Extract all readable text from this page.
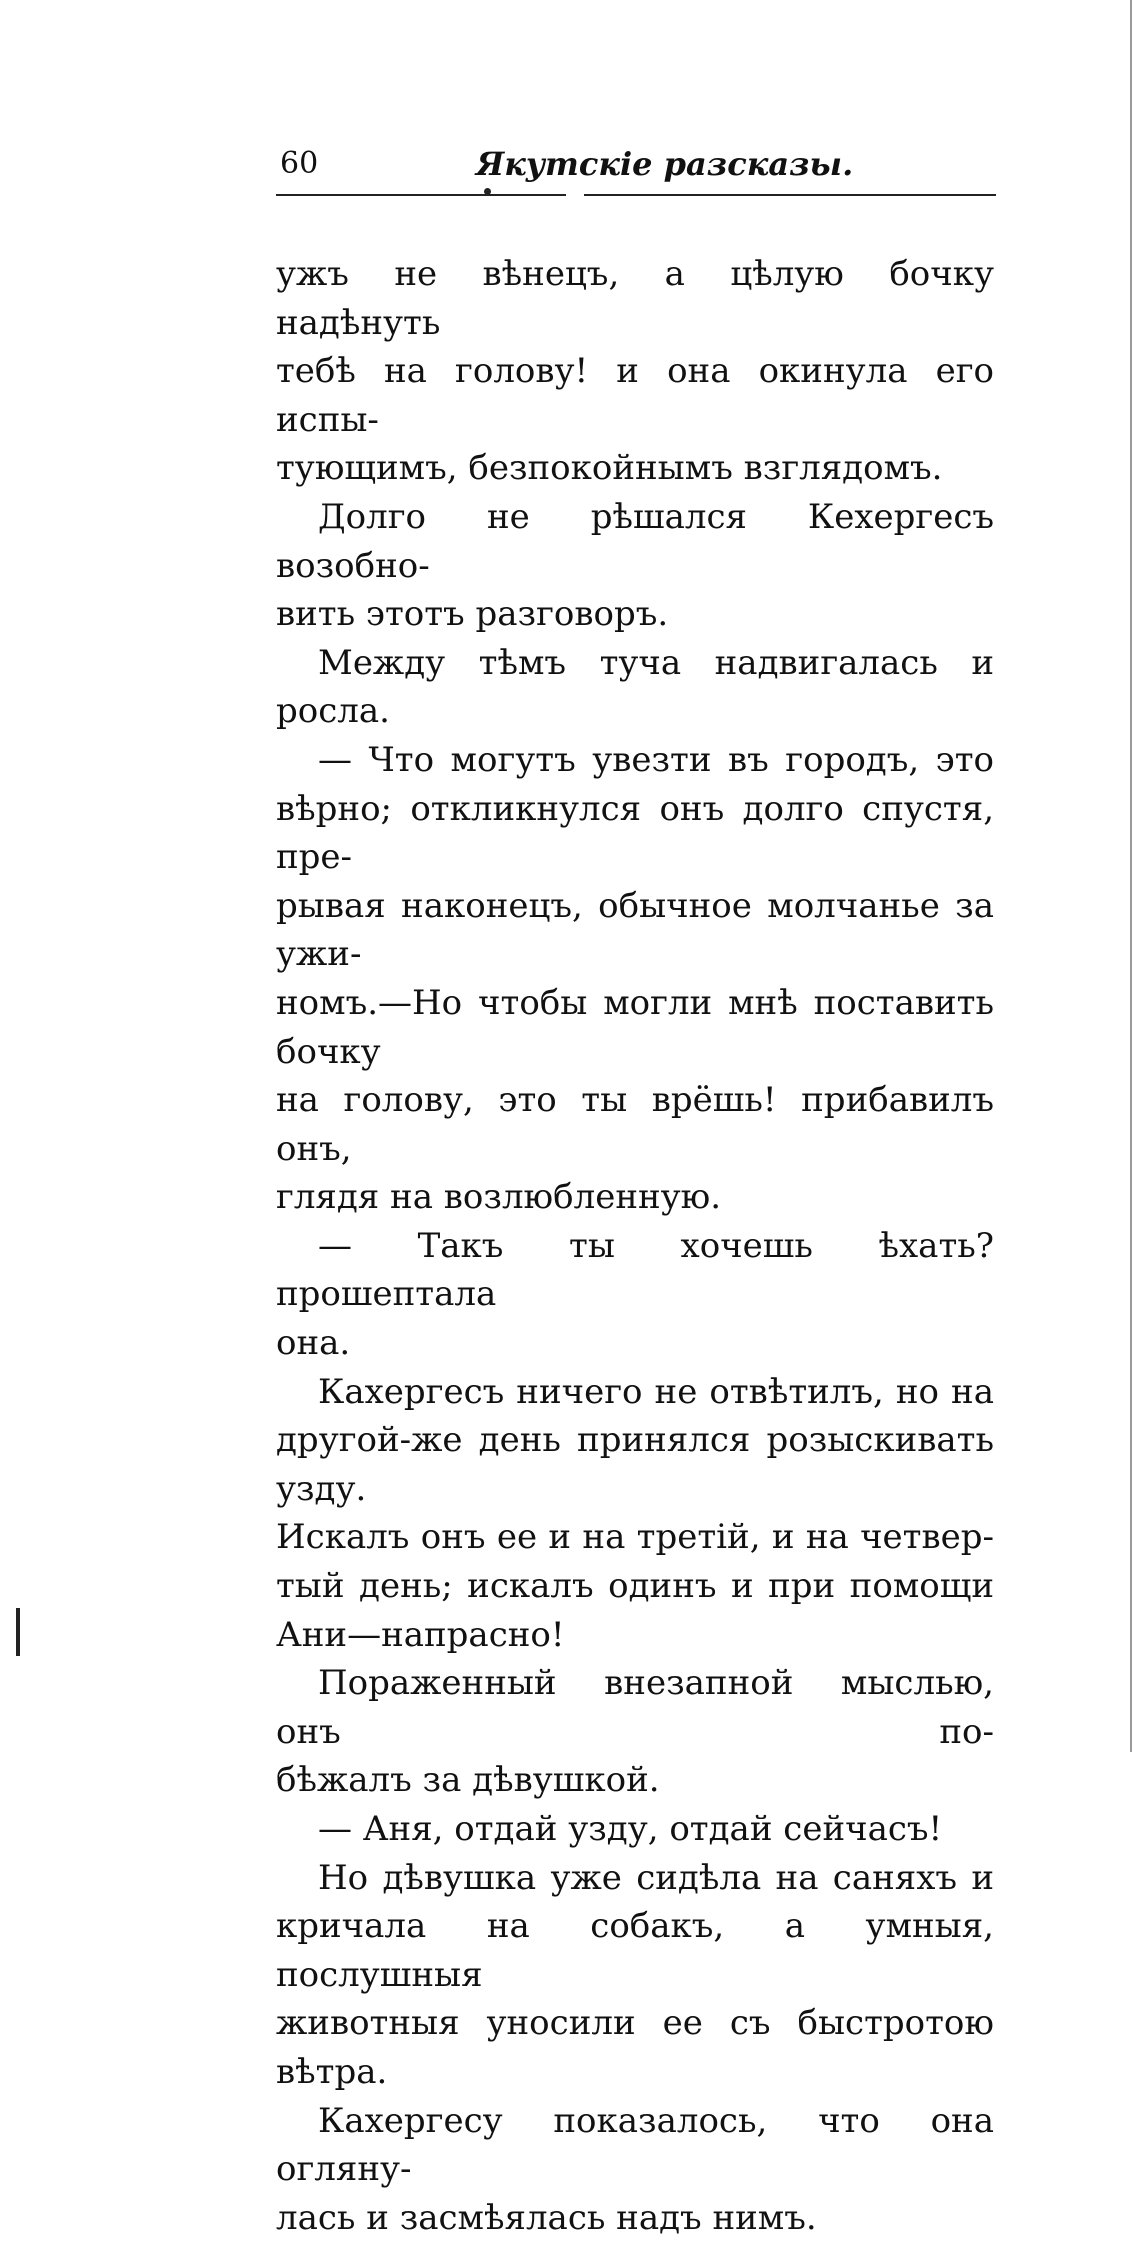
60	Якутскіе разсказы.
ужъ не вѣнецъ, а цѣлую бочку надѣнуть
тебѣ на голову! и она окинула его испы-
тующимъ, безпокойнымъ взглядомъ.
Долго не рѣшался Кехергесъ возобно-
вить этотъ разговоръ.
Между тѣмъ туча надвигалась и росла.
— Что могутъ увезти въ городъ, это
вѣрно; откликнулся онъ долго спустя, пре-
рывая наконецъ, обычное молчанье за ужи-
номъ.—Но чтобы могли мнѣ поставить бочку
на голову, это ты врёшь! прибавилъ онъ,
глядя на возлюбленную.
— Такъ ты хочешь ѣхать? прошептала
она.
Кахергесъ ничего не отвѣтилъ, но на
другой-же день принялся розыскивать узду.
Искалъ онъ ее и на третій, и на четвер-
тый день; искалъ одинъ и при помощи
Ани—напрасно!
Пораженный внезапной мыслью, онъ по-
бѣжалъ за дѣвушкой.
— Аня, отдай узду, отдай сейчасъ!
Но дѣвушка уже сидѣла на саняхъ и
кричала на собакъ, а умныя, послушныя
животныя уносили ее съ быстротою вѣтра.
Кахергесу показалось, что она огляну-
лась и засмѣялась надъ нимъ.
